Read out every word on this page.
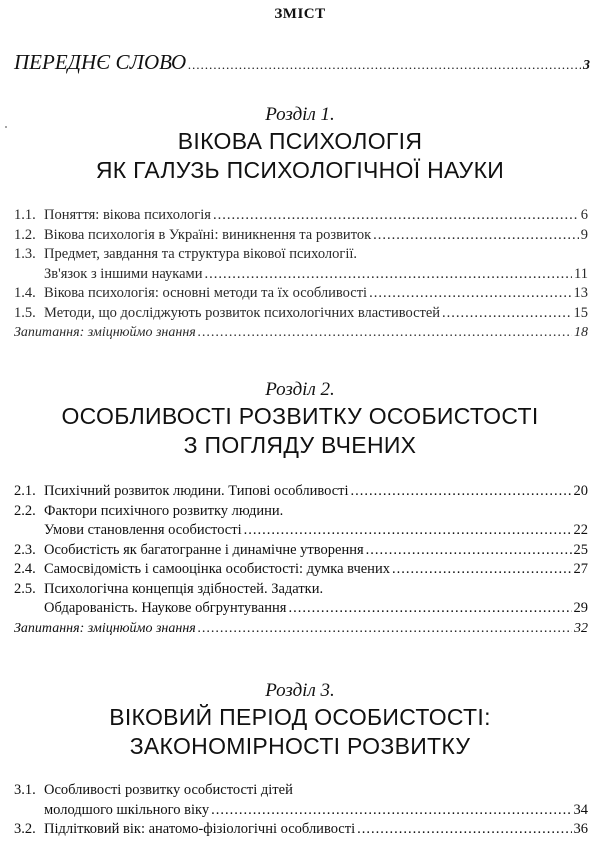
ЗМІСТ
ПЕРЕДНЄ СЛОВО .....	3
Розділ 1.
ВІКОВА ПСИХОЛОГІЯ
ЯК ГАЛУЗЬ ПСИХОЛОГІЧНОЇ НАУКИ
1.1. Поняття: вікова психологія .....	6
1.2. Вікова психологія в Україні: виникнення та розвиток .....	9
1.3. Предмет, завдання та структура вікової психології.
Зв'язок з іншими науками .....	11
1.4. Вікова психологія: основні методи та їх особливості .....	13
1.5. Методи, що досліджують розвиток психологічних властивостей .....	15
Запитання: зміцнюймо знання .....	18
Розділ 2.
ОСОБЛИВОСТІ РОЗВИТКУ ОСОБИСТОСТІ
З ПОГЛЯДУ ВЧЕНИХ
2.1. Психічний розвиток людини. Типові особливості .....	20
2.2. Фактори психічного розвитку людини.
Умови становлення особистості .....	22
2.3. Особистість як багатогранне і динамічне утворення .....	25
2.4. Самосвідомість і самооцінка особистості: думка вчених .....	27
2.5. Психологічна концепція здібностей. Задатки.
Обдарованість. Наукове обгрунтування .....	29
Запитання: зміцнюймо знання .....	32
Розділ 3.
ВІКОВИЙ ПЕРІОД ОСОБИСТОСТІ:
ЗАКОНОМІРНОСТІ РОЗВИТКУ
3.1. Особливості розвитку особистості дітей
молодшого шкільного віку .....	34
3.2. Підлітковий вік: анатомо-фізіологічні особливості .....	36
